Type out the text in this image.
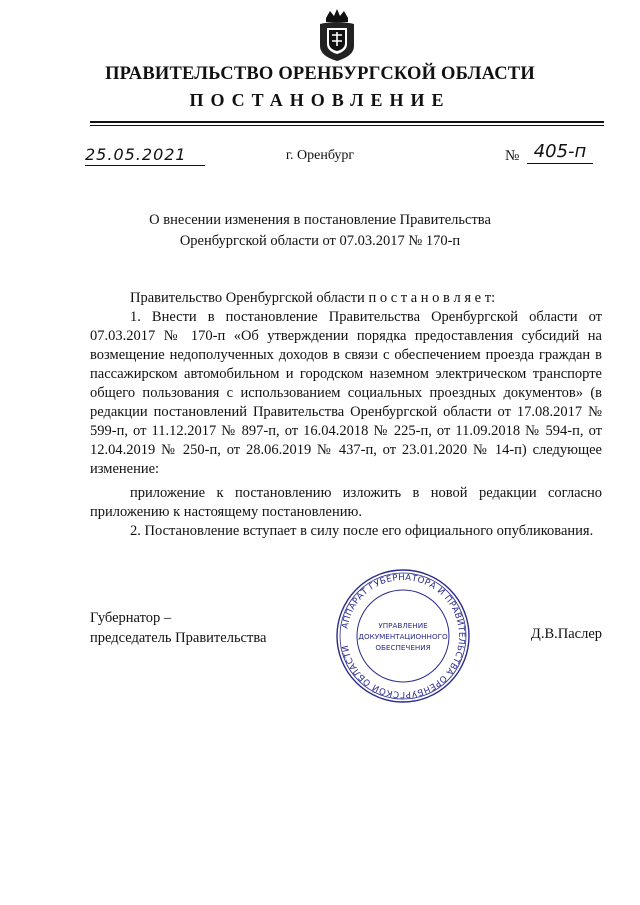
ПРАВИТЕЛЬСТВО ОРЕНБУРГСКОЙ ОБЛАСТИ
ПОСТАНОВЛЕНИЕ
25.05.2021	г. Оренбург	№ 405-п
О внесении изменения в постановление Правительства
Оренбургской области от 07.03.2017 № 170-п
Правительство Оренбургской области п о с т а н о в л я е т:
1. Внести в постановление Правительства Оренбургской области от 07.03.2017 № 170-п «Об утверждении порядка предоставления субсидий на возмещение недополученных доходов в связи с обеспечением проезда граждан в пассажирском автомобильном и городском наземном электрическом транспорте общего пользования с использованием социальных проездных документов» (в редакции постановлений Правительства Оренбургской области от 17.08.2017 № 599-п, от 11.12.2017 № 897-п, от 16.04.2018 № 225-п, от 11.09.2018 № 594-п, от 12.04.2019 № 250-п, от 28.06.2019 № 437-п, от 23.01.2020 № 14-п) следующее изменение:
приложение к постановлению изложить в новой редакции согласно приложению к настоящему постановлению.
2. Постановление вступает в силу после его официального опубликования.
Губернатор –
председатель Правительства	Д.В.Паслер
АППАРАТ ГУБЕРНАТОРА И ПРАВИТЕЛЬСТВА ОРЕНБУРГСКОЙ ОБЛАСТИ
УПРАВЛЕНИЕ
ДОКУМЕНТАЦИОННОГО
ОБЕСПЕЧЕНИЯ
